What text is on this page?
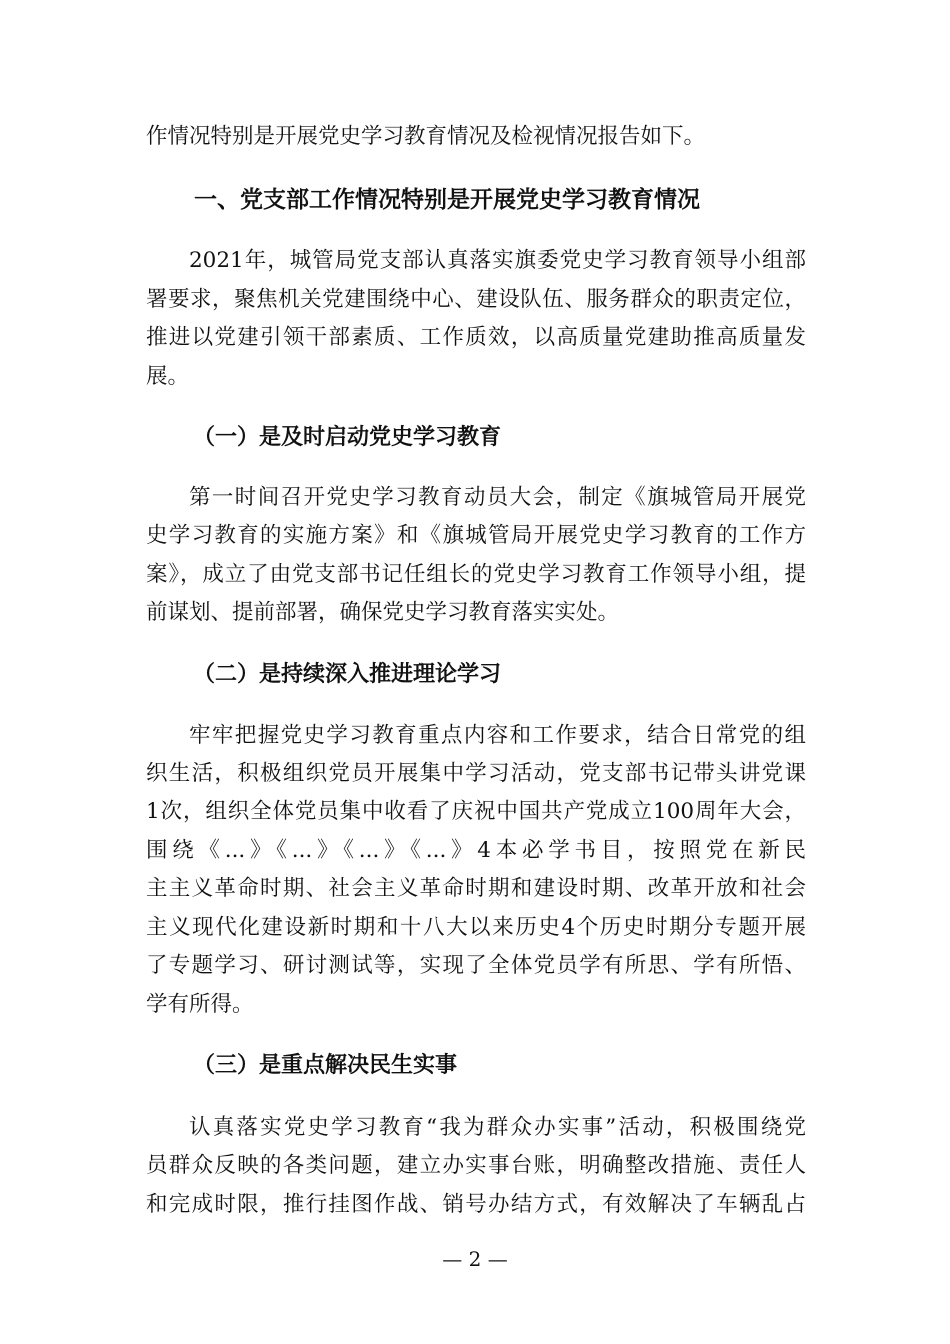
作情况特别是开展党史学习教育情况及检视情况报告如下。
一、党支部工作情况特别是开展党史学习教育情况
2021年，城管局党支部认真落实旗委党史学习教育领导小组部
署要求，聚焦机关党建围绕中心、建设队伍、服务群众的职责定位，
推进以党建引领干部素质、工作质效，以高质量党建助推高质量发
展。
（一）是及时启动党史学习教育
第一时间召开党史学习教育动员大会，制定《旗城管局开展党
史学习教育的实施方案》和《旗城管局开展党史学习教育的工作方
案》，成立了由党支部书记任组长的党史学习教育工作领导小组，提
前谋划、提前部署，确保党史学习教育落实实处。
（二）是持续深入推进理论学习
牢牢把握党史学习教育重点内容和工作要求，结合日常党的组
织生活，积极组织党员开展集中学习活动，党支部书记带头讲党课
1次，组织全体党员集中收看了庆祝中国共产党成立100周年大会，
围绕《...》《...》《...》《...》4本必学书目，按照党在新民
主主义革命时期、社会主义革命时期和建设时期、改革开放和社会
主义现代化建设新时期和十八大以来历史4个历史时期分专题开展
了专题学习、研讨测试等，实现了全体党员学有所思、学有所悟、
学有所得。
（三）是重点解决民生实事
认真落实党史学习教育“我为群众办实事”活动，积极围绕党
员群众反映的各类问题，建立办实事台账，明确整改措施、责任人
和完成时限，推行挂图作战、销号办结方式，有效解决了车辆乱占
— 2 —
